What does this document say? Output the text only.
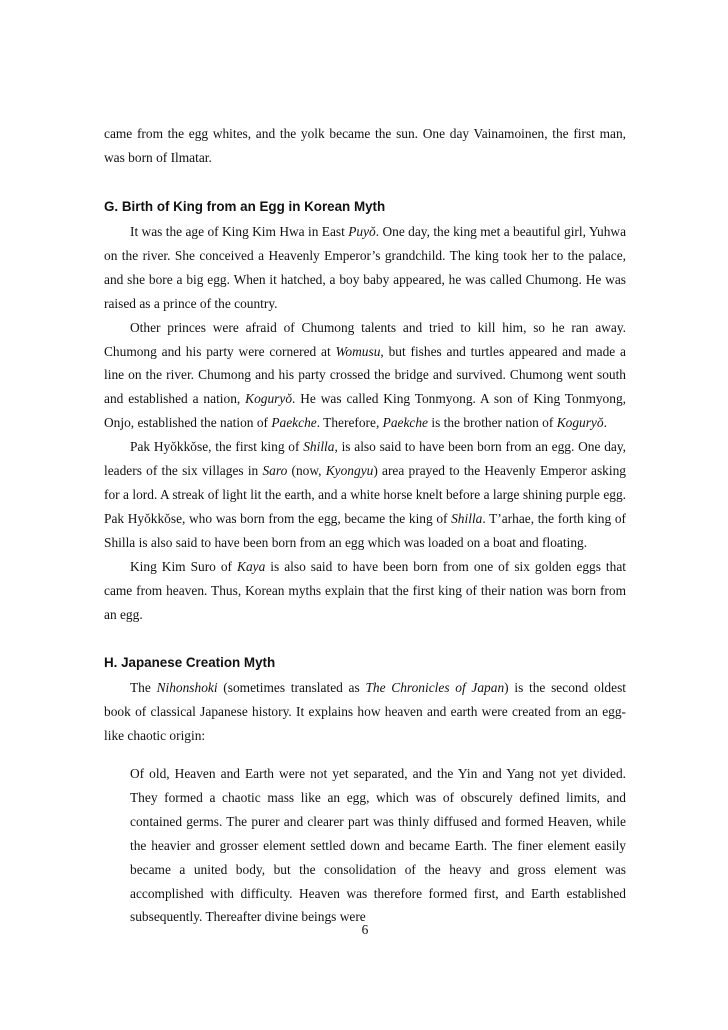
came from the egg whites, and the yolk became the sun. One day Vainamoinen, the first man, was born of Ilmatar.

G. Birth of King from an Egg in Korean Myth

It was the age of King Kim Hwa in East Puyŏ. One day, the king met a beautiful girl, Yuhwa on the river. She conceived a Heavenly Emperor’s grandchild. The king took her to the palace, and she bore a big egg. When it hatched, a boy baby appeared, he was called Chumong. He was raised as a prince of the country.

Other princes were afraid of Chumong talents and tried to kill him, so he ran away. Chumong and his party were cornered at Womusu, but fishes and turtles appeared and made a line on the river. Chumong and his party crossed the bridge and survived. Chumong went south and established a nation, Koguryŏ. He was called King Tonmyong. A son of King Tonmyong, Onjo, established the nation of Paekche. Therefore, Paekche is the brother nation of Koguryŏ.

Pak Hyŏkkŏse, the first king of Shilla, is also said to have been born from an egg. One day, leaders of the six villages in Saro (now, Kyongyu) area prayed to the Heavenly Emperor asking for a lord. A streak of light lit the earth, and a white horse knelt before a large shining purple egg. Pak Hyŏkkŏse, who was born from the egg, became the king of Shilla. T’arhae, the forth king of Shilla is also said to have been born from an egg which was loaded on a boat and floating.

King Kim Suro of Kaya is also said to have been born from one of six golden eggs that came from heaven. Thus, Korean myths explain that the first king of their nation was born from an egg.

H. Japanese Creation Myth

The Nihonshoki (sometimes translated as The Chronicles of Japan) is the second oldest book of classical Japanese history. It explains how heaven and earth were created from an egg-like chaotic origin:

Of old, Heaven and Earth were not yet separated, and the Yin and Yang not yet divided. They formed a chaotic mass like an egg, which was of obscurely defined limits, and contained germs. The purer and clearer part was thinly diffused and formed Heaven, while the heavier and grosser element settled down and became Earth. The finer element easily became a united body, but the consolidation of the heavy and gross element was accomplished with difficulty. Heaven was therefore formed first, and Earth established subsequently. Thereafter divine beings were

6
